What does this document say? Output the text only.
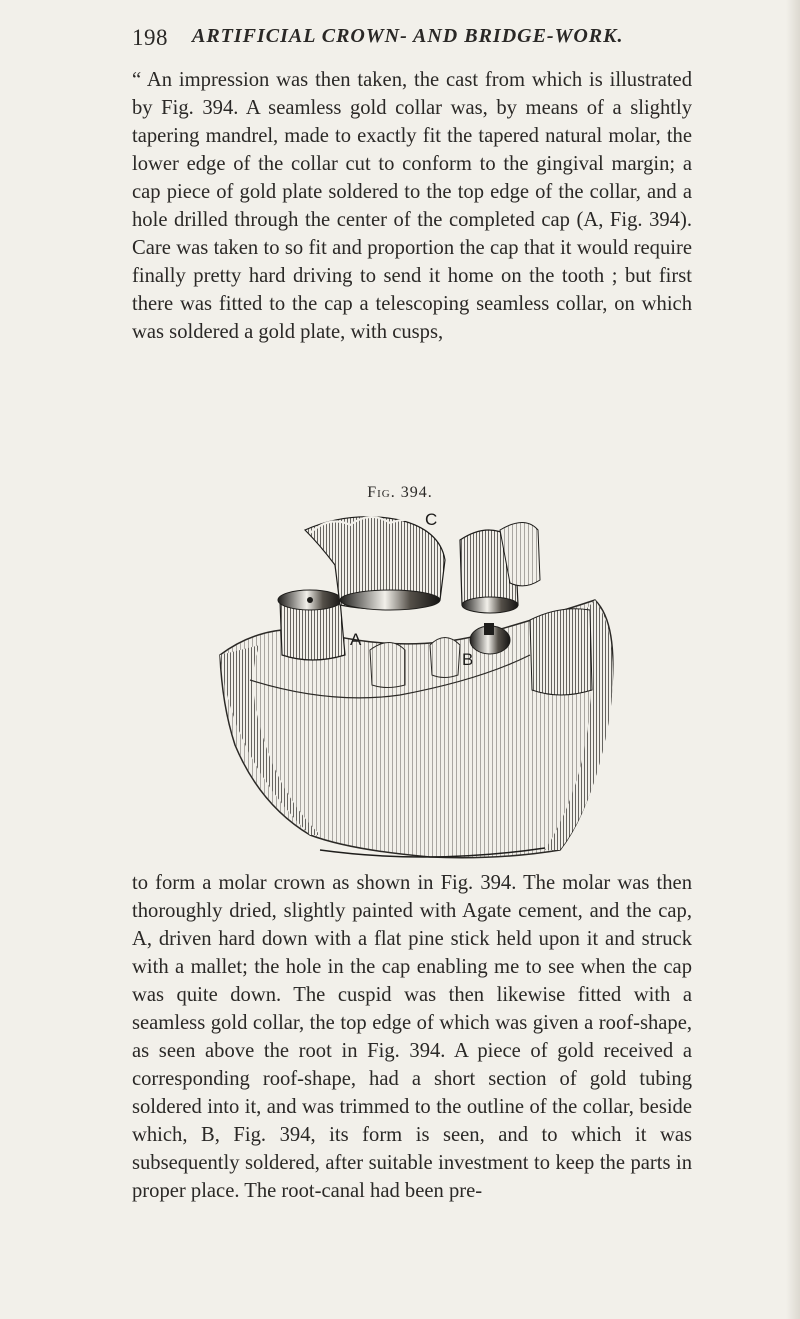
198 ARTIFICIAL CROWN- AND BRIDGE-WORK.

“ An impression was then taken, the cast from which is illustrated by Fig. 394. A seamless gold collar was, by means of a slightly tapering mandrel, made to exactly fit the tapered natural molar, the lower edge of the collar cut to conform to the gingival margin; a cap piece of gold plate soldered to the top edge of the collar, and a hole drilled through the center of the completed cap (A, Fig. 394). Care was taken to so fit and proportion the cap that it would require finally pretty hard driving to send it home on the tooth ; but first there was fitted to the cap a telescoping seamless collar, on which was soldered a gold plate, with cusps,

Fig. 394.
C
A
B

to form a molar crown as shown in Fig. 394. The molar was then thoroughly dried, slightly painted with Agate cement, and the cap, A, driven hard down with a flat pine stick held upon it and struck with a mallet; the hole in the cap enabling me to see when the cap was quite down. The cuspid was then likewise fitted with a seamless gold collar, the top edge of which was given a roof-shape, as seen above the root in Fig. 394. A piece of gold received a corresponding roof-shape, had a short section of gold tubing soldered into it, and was trimmed to the outline of the collar, beside which, B, Fig. 394, its form is seen, and to which it was subsequently soldered, after suitable investment to keep the parts in proper place. The root-canal had been pre-
